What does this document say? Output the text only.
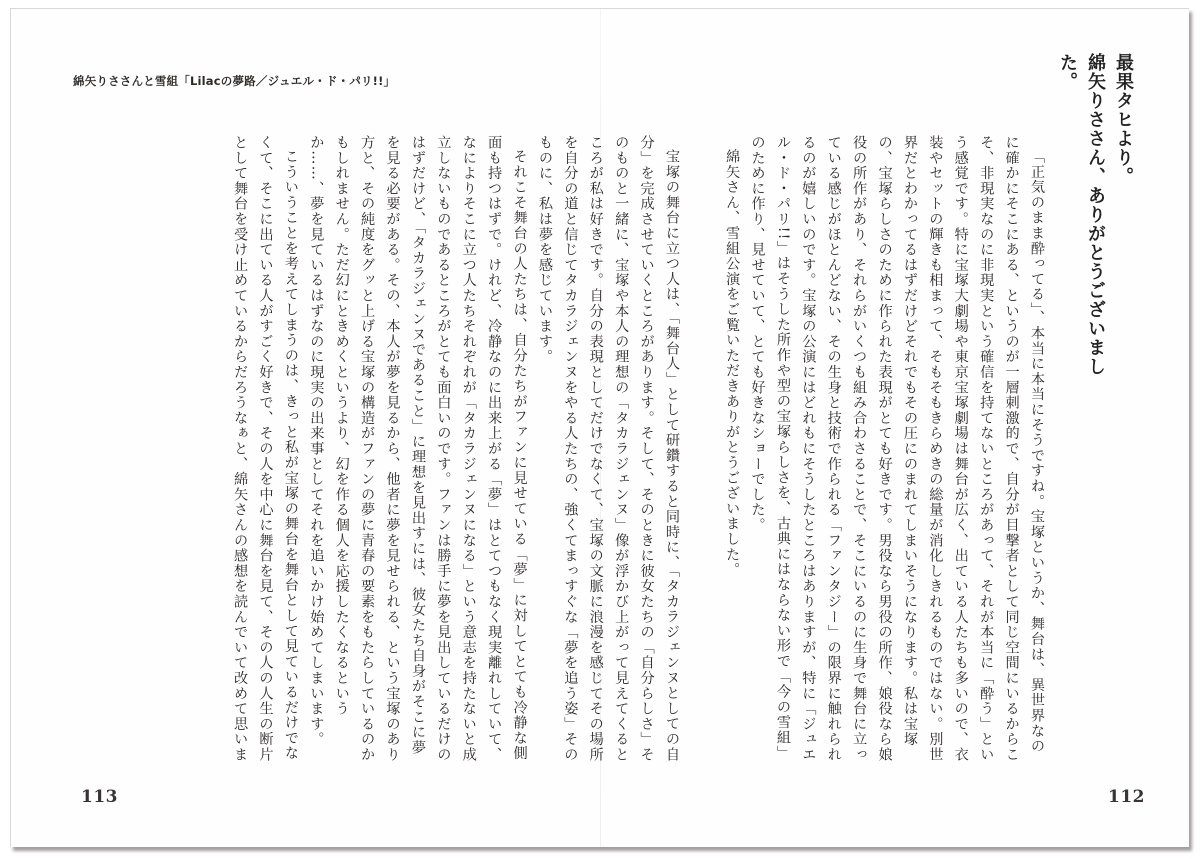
綿矢りささんと雪組「Lilacの夢路／ジュエル・ド・パリ!!」	最果タヒより。

綿矢りささん、ありがとうございました。

「正気のまま酔ってる」、本当に本当にそうですね。宝塚というか、舞台は、異世界なのに確かにそこにある、というのが一層刺激的で、自分が目撃者として同じ空間にいるからこそ、非現実なのに非現実という確信を持てないところがあって、それが本当に「酔う」という感覚です。特に宝塚大劇場や東京宝塚劇場は舞台が広く、出ている人たちも多いので、衣装やセットの輝きも相まって、そもそもきらめきの総量が消化しきれるものではない。別世界だとわかってるはずだけどそれでもその圧にのまれてしまいそうになります。私は宝塚の、宝塚らしさのために作られた表現がとても好きです。男役なら男役の所作、娘役なら娘役の所作があり、それらがいくつも組み合わさることで、そこにいるのに生身で舞台に立っている感じがほとんどない、その生身と技術で作られる「ファンタジー」の限界に触れられるのが嬉しいのです。宝塚の公演にはどれもにそうしたところはありますが、特に「ジュエル・ド・パリ!!」はそうした所作や型の宝塚らしさを、古典にはならない形で「今の雪組」のために作り、見せていて、とても好きなショーでした。

綿矢さん、雪組公演をご覧いただきありがとうございました。

宝塚の舞台に立つ人は、「舞台人」として研鑽すると同時に、「タカラジェンヌとしての自分」を完成させていくところがあります。そして、そのときに彼女たちの「自分らしさ」そのものと一緒に、宝塚や本人の理想の「タカラジェンヌ」像が浮かび上がって見えてくるところが私は好きです。自分の表現としてだけでなくて、宝塚の文脈に浪漫を感じてその場所を自分の道と信じてタカラジェンヌをやる人たちの、強くてまっすぐな「夢を追う姿」そのものに、私は夢を感じています。

それこそ舞台の人たちは、自分たちがファンに見せている「夢」に対してとても冷静な側面も持つはずで。けれど、冷静なのに出来上がる「夢」はとてつもなく現実離れしていて、なによりそこに立つ人たちそれぞれが「タカラジェンヌになる」という意志を持たないと成立しないものであるところがとても面白いのです。ファンは勝手に夢を見出しているだけのはずだけど、「タカラジェンヌであること」に理想を見出すには、彼女たち自身がそこに夢を見る必要がある。その、本人が夢を見るから、他者に夢を見せられる、という宝塚のあり方と、その純度をグッと上げる宝塚の構造がファンの夢に青春の要素をもたらしているのかもしれません。ただ幻にときめくというより、幻を作る個人を応援したくなるというか……、夢を見ているはずなのに現実の出来事としてそれを追いかけ始めてしまいます。

こういうことを考えてしまうのは、きっと私が宝塚の舞台を舞台として見ているだけでなくて、そこに出ている人がすごく好きで、その人を中心に舞台を見て、その人の人生の断片として舞台を受け止めているからだろうなぁと、綿矢さんの感想を読んでいて改めて思いま

113	112
